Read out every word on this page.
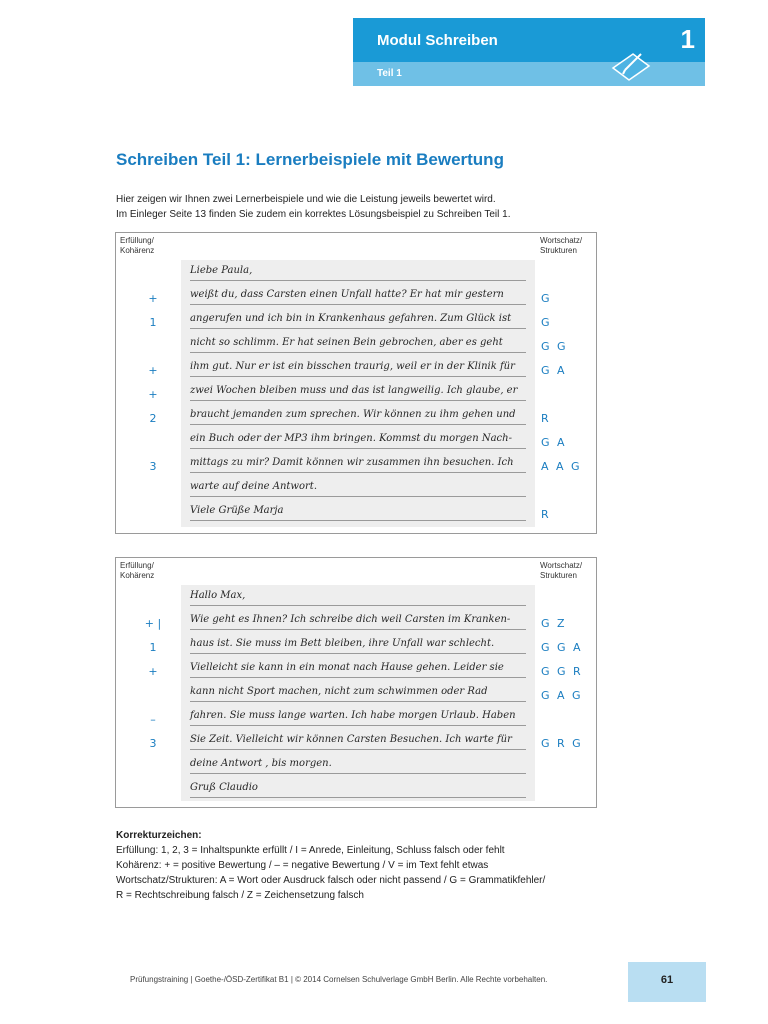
Modul Schreiben	1
Teil 1
Schreiben Teil 1: Lernerbeispiele mit Bewertung
Hier zeigen wir Ihnen zwei Lernerbeispiele und wie die Leistung jeweils bewertet wird.
Im Einleger Seite 13 finden Sie zudem ein korrektes Lösungsbeispiel zu Schreiben Teil 1.
Erfüllung/
Kohärenz
Wortschatz/
Strukturen
Liebe Paula,
weißt du, dass Carsten einen Unfall hatte? Er hat mir gestern
angerufen und ich bin in Krankenhaus gefahren. Zum Glück ist
nicht so schlimm. Er hat seinen Bein gebrochen, aber es geht
ihm gut. Nur er ist ein bisschen traurig, weil er in der Klinik für
zwei Wochen bleiben muss und das ist langweilig. Ich glaube, er
braucht jemanden zum sprechen. Wir können zu ihm gehen und
ein Buch oder der MP3 ihm bringen. Kommst du morgen Nach-
mittags zu mir? Damit können wir zusammen ihn besuchen. Ich
warte auf deine Antwort.
Viele Grüße Marja
+
1
+
+
2
3
G
G
G G
G A
R
G A
A A G
R
Erfüllung/
Kohärenz
Wortschatz/
Strukturen
Hallo Max,
Wie geht es Ihnen? Ich schreibe dich weil Carsten im Kranken-
haus ist. Sie muss im Bett bleiben, ihre Unfall war schlecht.
Vielleicht sie kann in ein monat nach Hause gehen. Leider sie
kann nicht Sport machen, nicht zum schwimmen oder Rad
fahren. Sie muss lange warten. Ich habe morgen Urlaub. Haben
Sie Zeit. Vielleicht wir können Carsten Besuchen. Ich warte für
deine Antwort , bis morgen.
Gruß Claudio
+ |
1
+
–
3
G Z
G G A
G G R
G A G
G R G
Korrekturzeichen:
Erfüllung: 1, 2, 3 = Inhaltspunkte erfüllt / I = Anrede, Einleitung, Schluss falsch oder fehlt
Kohärenz: + = positive Bewertung / – = negative Bewertung / V = im Text fehlt etwas
Wortschatz/Strukturen: A = Wort oder Ausdruck falsch oder nicht passend / G = Grammatikfehler/
R = Rechtschreibung falsch / Z = Zeichensetzung falsch
Prüfungstraining | Goethe-/ÖSD-Zertifikat B1 | © 2014 Cornelsen Schulverlage GmbH Berlin. Alle Rechte vorbehalten.	61
